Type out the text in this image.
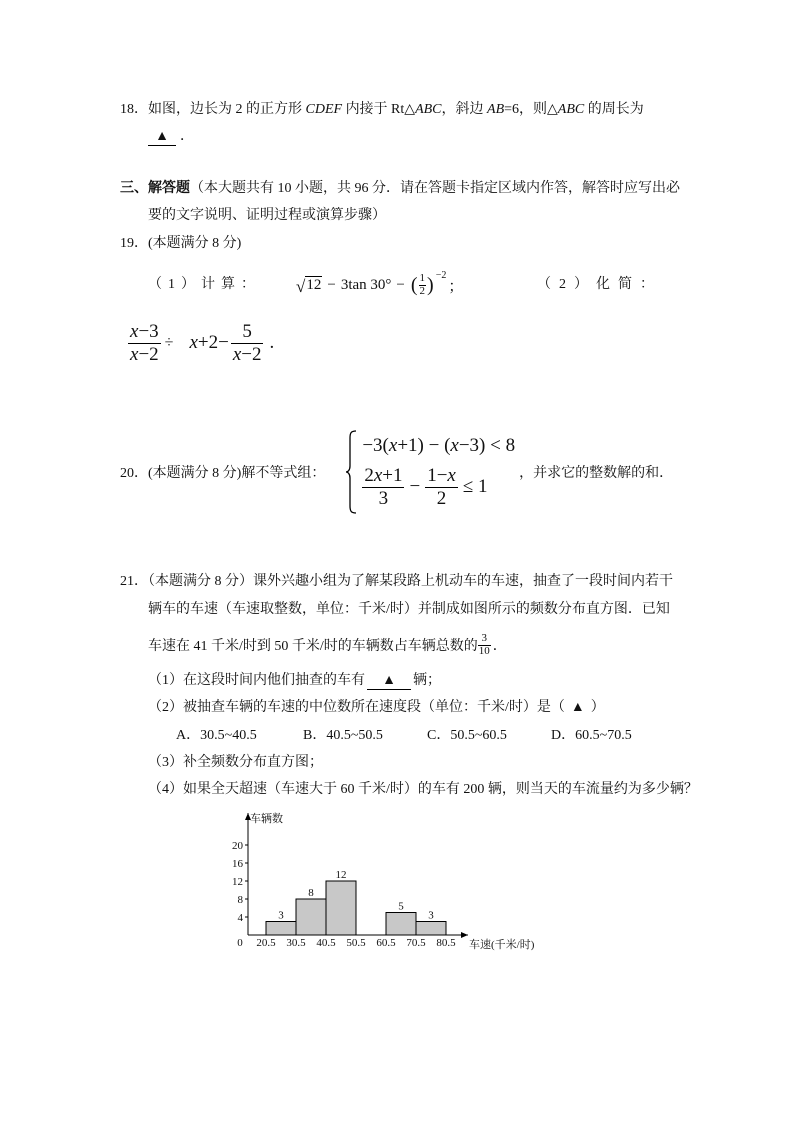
18．如图，边长为 2 的正方形 CDEF 内接于 Rt△ABC，斜边 AB=6，则△ABC 的周长为
▲ ．
三、解答题（本大题共有 10 小题，共 96 分．请在答题卡指定区域内作答，解答时应写出必
要的文字说明、证明过程或演算步骤）
19．(本题满分 8 分)
（1）计算： √ 12 − 3tan 30° − ( $\frac{1}{2}$ ) −2
；	（2）化简：
$\frac{x-3}{x-2} \div x+2- \frac{5}{x-2}$ .
20． (本题满分 8 分) 解不等式组：
−3(x+1) − (x−3) < 8
$\frac{2x+1}{3} - \frac{1-x}{2} \le 1$
，并求它的整数解的和．
21．（本题满分 8 分）课外兴趣小组为了解某段路上机动车的车速，抽查了一段时间内若干
辆车的车速（车速取整数，单位：千米/时）并制成如图所示的频数分布直方图．已知
车速在 41 千米/时到 50 千米/时的车辆数占车辆总数的 $\frac{3}{10}$ ．
（1）在这段时间内他们抽查的车有 ▲ 辆；
（2）被抽查车辆的车速的中位数所在速度段（单位：千米/时）是（ ▲ ）
A．30.5~40.5	B．40.5~50.5	C．50.5~60.5	D．60.5~70.5
（3）补全频数分布直方图；
（4）如果全天超速（车速大于 60 千米/时）的车有 200 辆，则当天的车流量约为多少辆？
3
8
12
5
3
4
8
12
16
20
20.5 30.5 40.5 50.5 60.5 70.5 80.5
0
车辆数
车速(千米/时)
